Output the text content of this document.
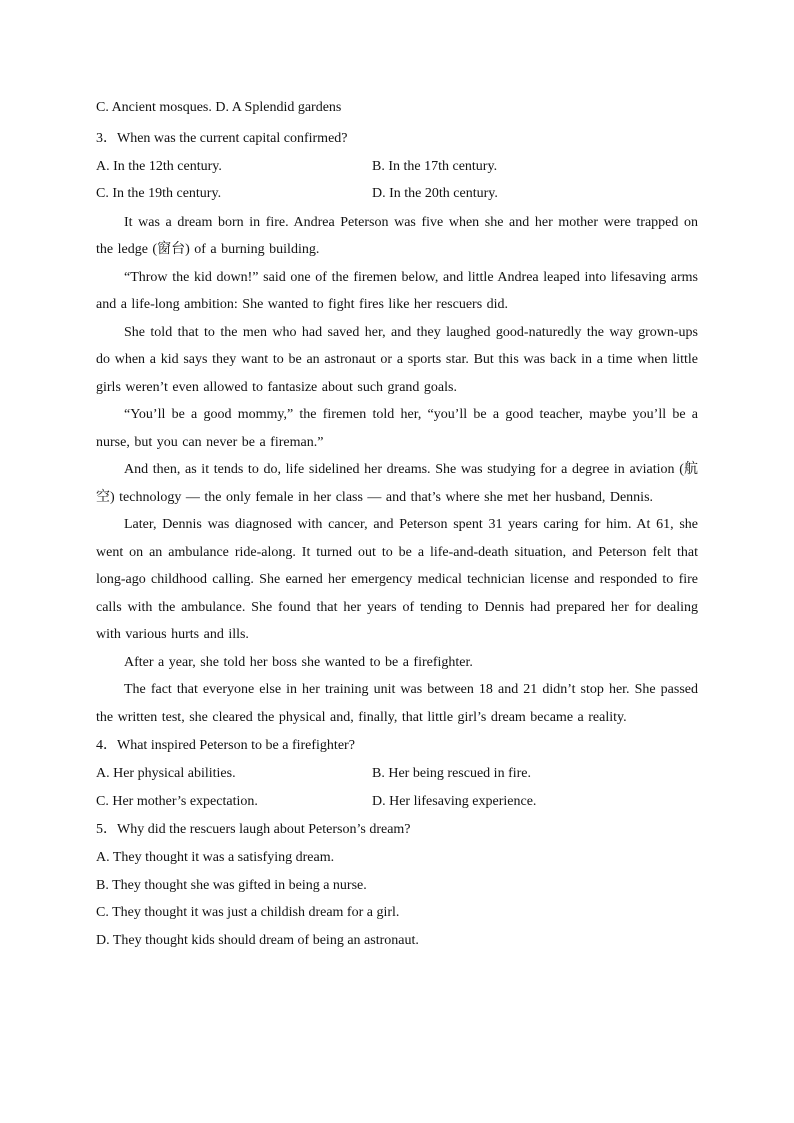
C. Ancient mosques. D. A Splendid gardens
3．When was the current capital confirmed?
A. In the 12th century.	B. In the 17th century.
C. In the 19th century.	D. In the 20th century.

It was a dream born in fire. Andrea Peterson was five when she and her mother were trapped on the ledge (窗台) of a burning building.

“Throw the kid down!” said one of the firemen below, and little Andrea leaped into lifesaving arms and a life-long ambition: She wanted to fight fires like her rescuers did.

She told that to the men who had saved her, and they laughed good-naturedly the way grown-ups do when a kid says they want to be an astronaut or a sports star. But this was back in a time when little girls weren’t even allowed to fantasize about such grand goals.

“You’ll be a good mommy,” the firemen told her, “you’ll be a good teacher, maybe you’ll be a nurse, but you can never be a fireman.”

And then, as it tends to do, life sidelined her dreams. She was studying for a degree in aviation (航空) technology — the only female in her class — and that’s where she met her husband, Dennis.

Later, Dennis was diagnosed with cancer, and Peterson spent 31 years caring for him. At 61, she went on an ambulance ride-along. It turned out to be a life-and-death situation, and Peterson felt that long-ago childhood calling. She earned her emergency medical technician license and responded to fire calls with the ambulance. She found that her years of tending to Dennis had prepared her for dealing with various hurts and ills.

After a year, she told her boss she wanted to be a firefighter.

The fact that everyone else in her training unit was between 18 and 21 didn’t stop her. She passed the written test, she cleared the physical and, finally, that little girl’s dream became a reality.

4．What inspired Peterson to be a firefighter?
A. Her physical abilities.	B. Her being rescued in fire.
C. Her mother’s expectation.	D. Her lifesaving experience.
5．Why did the rescuers laugh about Peterson’s dream?
A. They thought it was a satisfying dream.
B. They thought she was gifted in being a nurse.
C. They thought it was just a childish dream for a girl.
D. They thought kids should dream of being an astronaut.
